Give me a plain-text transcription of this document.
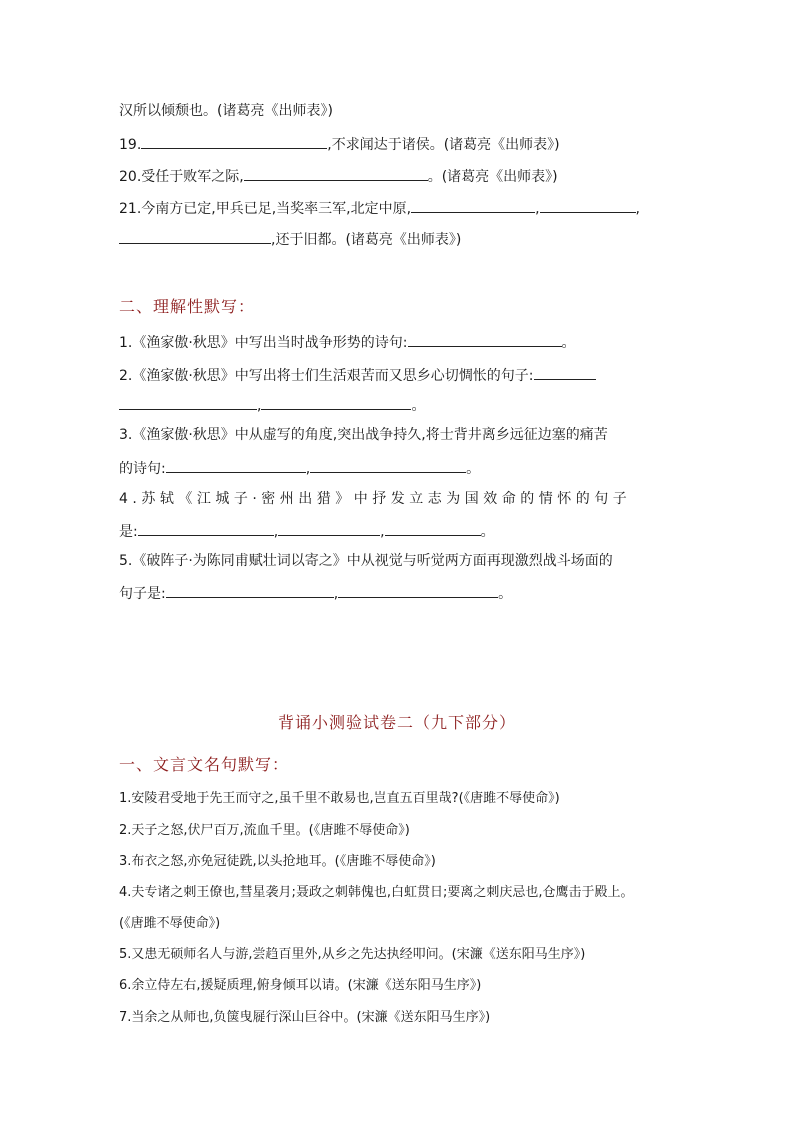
汉所以倾颓也。(诸葛亮《出师表》)
19.	,不求闻达于诸侯。(诸葛亮《出师表》)
20.受任于败军之际,	。(诸葛亮《出师表》)
21.今南方已定,甲兵已足,当奖率三军,北定中原,	,	,
,还于旧都。(诸葛亮《出师表》)
二、理解性默写：
1.《渔家傲·秋思》中写出当时战争形势的诗句:	。
2.《渔家傲·秋思》中写出将士们生活艰苦而又思乡心切惆怅的句子:
,	。
3.《渔家傲·秋思》中从虚写的角度,突出战争持久,将士背井离乡远征边塞的痛苦
的诗句:	,	。
4.苏轼《江城子·密州出猎》中抒发立志为国效命的情怀的句子
是:	,	,	。
5.《破阵子·为陈同甫赋壮词以寄之》中从视觉与听觉两方面再现激烈战斗场面的
句子是:	,	。
背诵小测验试卷二（九下部分）
一、文言文名句默写：
1.安陵君受地于先王而守之,虽千里不敢易也,岂直五百里哉?(《唐雎不辱使命》)
2.天子之怒,伏尸百万,流血千里。(《唐雎不辱使命》)
3.布衣之怒,亦免冠徒跣,以头抢地耳。(《唐雎不辱使命》)
4.夫专诸之刺王僚也,彗星袭月;聂政之刺韩傀也,白虹贯日;要离之刺庆忌也,仓鹰击于殿上。
(《唐雎不辱使命》)
5.又患无硕师名人与游,尝趋百里外,从乡之先达执经叩问。(宋濂《送东阳马生序》)
6.余立侍左右,援疑质理,俯身倾耳以请。(宋濂《送东阳马生序》)
7.当余之从师也,负箧曳屣行深山巨谷中。(宋濂《送东阳马生序》)
